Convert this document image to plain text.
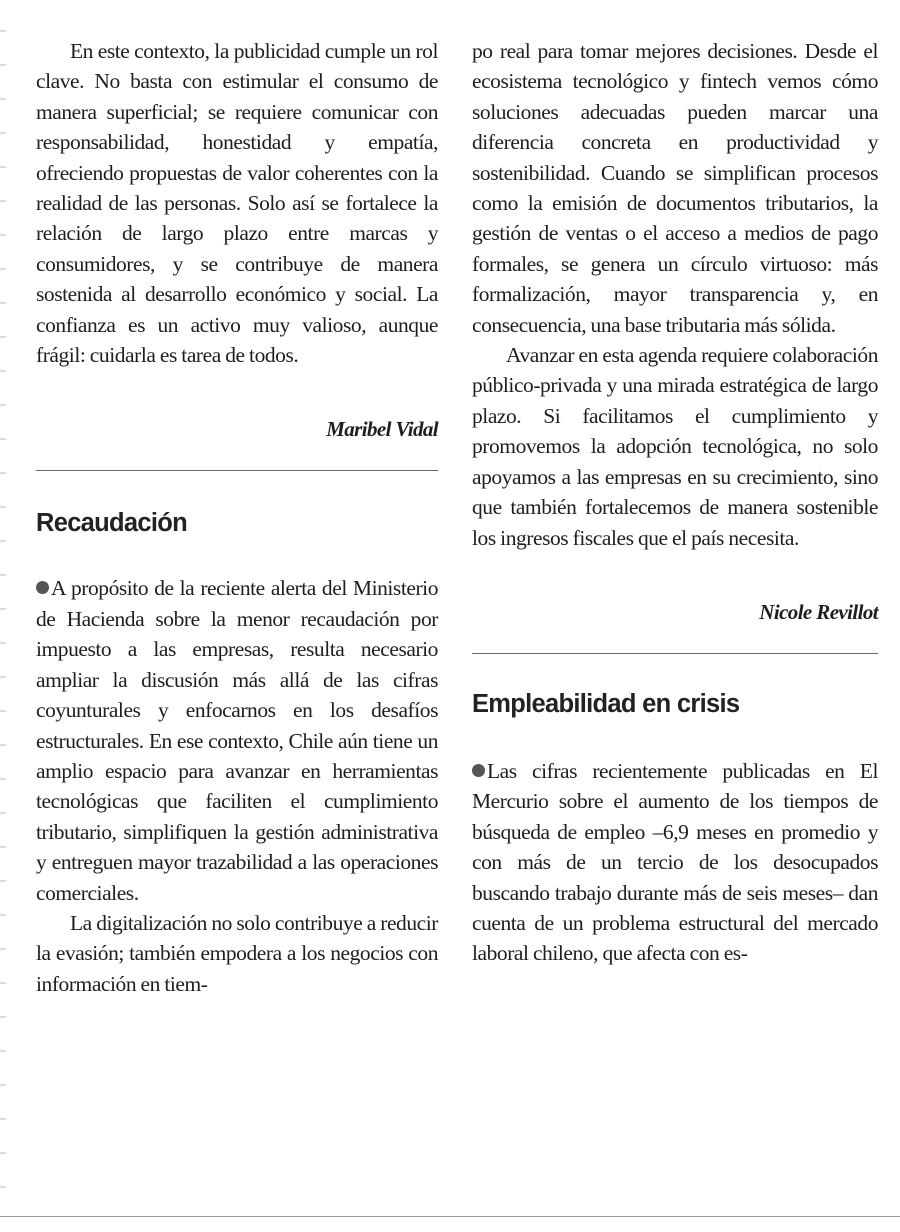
En este contexto, la publicidad cumple un rol clave. No basta con estimular el consumo de manera superficial; se requiere comunicar con responsabilidad, honestidad y empatía, ofreciendo propuestas de valor coherentes con la realidad de las personas. Solo así se fortalece la relación de largo plazo entre marcas y consumidores, y se contribuye de manera sostenida al desarrollo económico y social. La confianza es un activo muy valioso, aunque frágil: cuidarla es tarea de todos.

Maribel Vidal
Recaudación

A propósito de la reciente alerta del Ministerio de Hacienda sobre la menor recaudación por impuesto a las empresas, resulta necesario ampliar la discusión más allá de las cifras coyunturales y enfocarnos en los desafíos estructurales. En ese contexto, Chile aún tiene un amplio espacio para avanzar en herramientas tecnológicas que faciliten el cumplimiento tributario, simplifiquen la gestión administrativa y entreguen mayor trazabilidad a las operaciones comerciales.

La digitalización no solo contribuye a reducir la evasión; también empodera a los negocios con información en tiem-

po real para tomar mejores decisiones. Desde el ecosistema tecnológico y fintech vemos cómo soluciones adecuadas pueden marcar una diferencia concreta en productividad y sostenibilidad. Cuando se simplifican procesos como la emisión de documentos tributarios, la gestión de ventas o el acceso a medios de pago formales, se genera un círculo virtuoso: más formalización, mayor transparencia y, en consecuencia, una base tributaria más sólida.

Avanzar en esta agenda requiere colaboración público-privada y una mirada estratégica de largo plazo. Si facilitamos el cumplimiento y promovemos la adopción tecnológica, no solo apoyamos a las empresas en su crecimiento, sino que también fortalecemos de manera sostenible los ingresos fiscales que el país necesita.

Nicole Revillot
Empleabilidad en crisis

Las cifras recientemente publicadas en El Mercurio sobre el aumento de los tiempos de búsqueda de empleo –6,9 meses en promedio y con más de un tercio de los desocupados buscando trabajo durante más de seis meses– dan cuenta de un problema estructural del mercado laboral chileno, que afecta con es-
